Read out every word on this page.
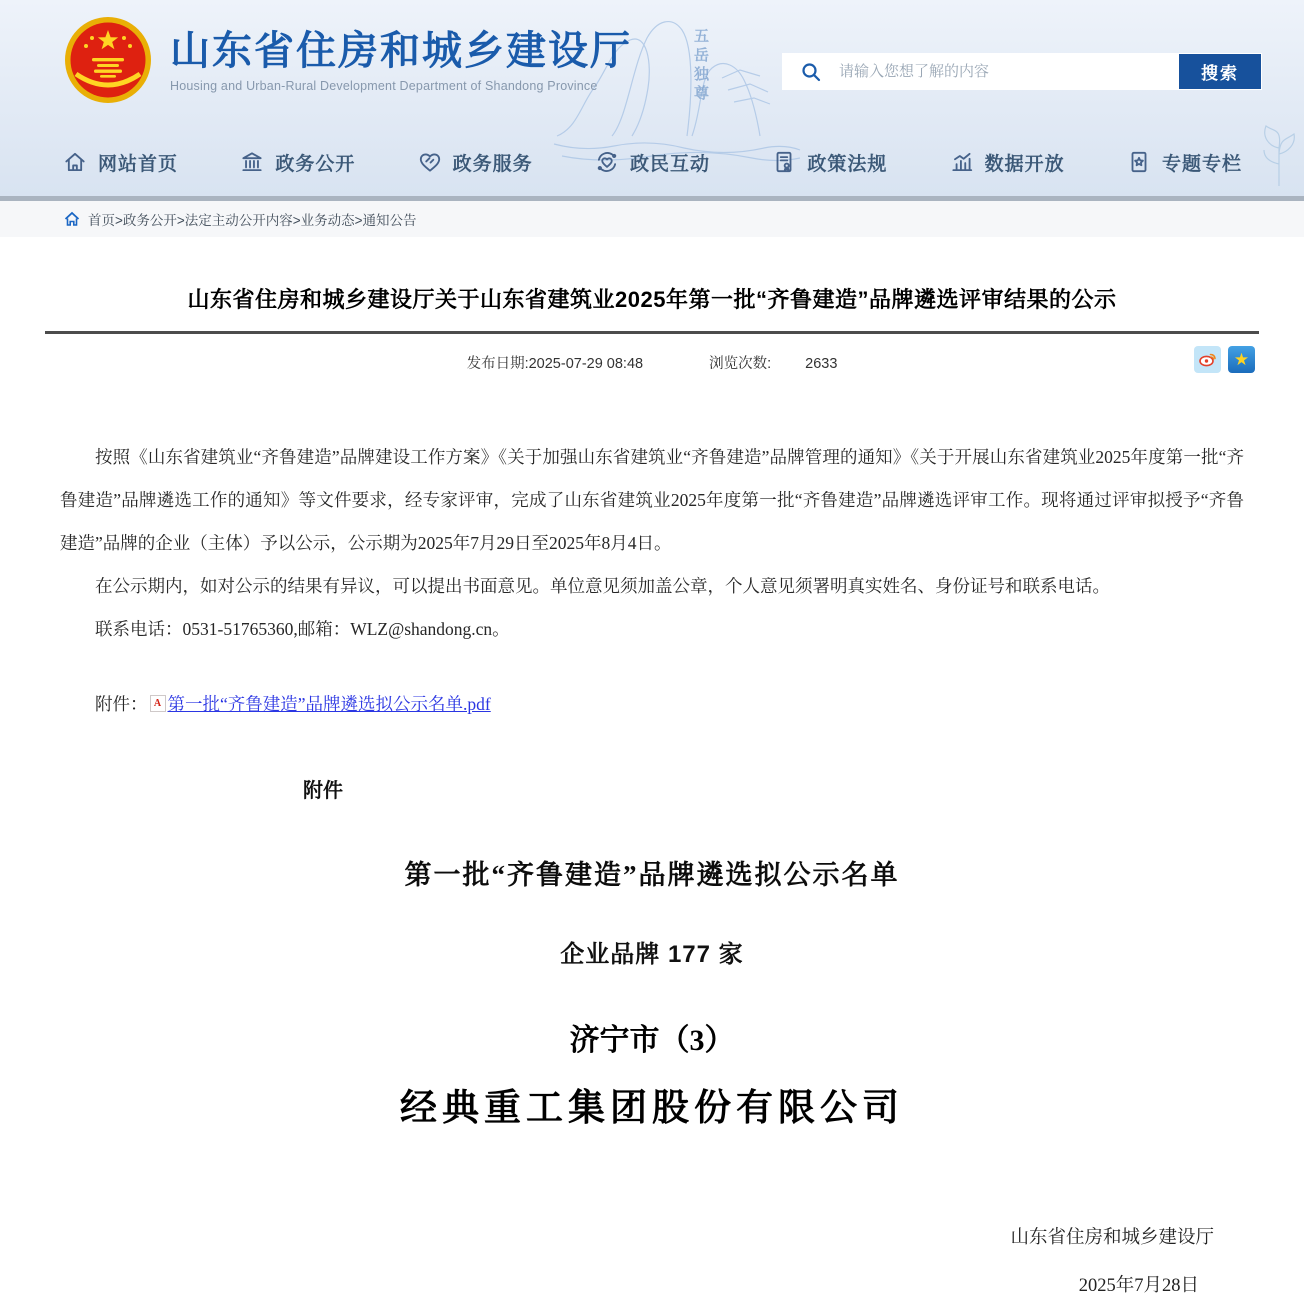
五岳独尊
山东省住房和城乡建设厅
Housing and Urban-Rural Development Department of Shandong Province
请输入您想了解的内容
搜索
网站首页	政务公开	政务服务	政民互动	政策法规	数据开放	专题专栏
首页>政务公开>法定主动公开内容>业务动态>通知公告
山东省住房和城乡建设厅关于山东省建筑业2025年第一批“齐鲁建造”品牌遴选评审结果的公示
发布日期:2025-07-29 08:48	浏览次数: 2633	★

按照《山东省建筑业“齐鲁建造”品牌建设工作方案》《关于加强山东省建筑业“齐鲁建造”品牌管理的通知》《关于开展山东省建筑业2025年度第一批“齐鲁建造”品牌遴选工作的通知》等文件要求，经专家评审，完成了山东省建筑业2025年度第一批“齐鲁建造”品牌遴选评审工作。现将通过评审拟授予“齐鲁建造”品牌的企业（主体）予以公示，公示期为2025年7月29日至2025年8月4日。

在公示期内，如对公示的结果有异议，可以提出书面意见。单位意见须加盖公章，个人意见须署明真实姓名、身份证号和联系电话。

联系电话：0531-51765360,邮箱：WLZ@shandong.cn。

附件： A 第一批“齐鲁建造”品牌遴选拟公示名单.pdf
附件
第一批“齐鲁建造”品牌遴选拟公示名单
企业品牌 177 家
济宁市（3）
经典重工集团股份有限公司
山东省住房和城乡建设厅
2025年7月28日
